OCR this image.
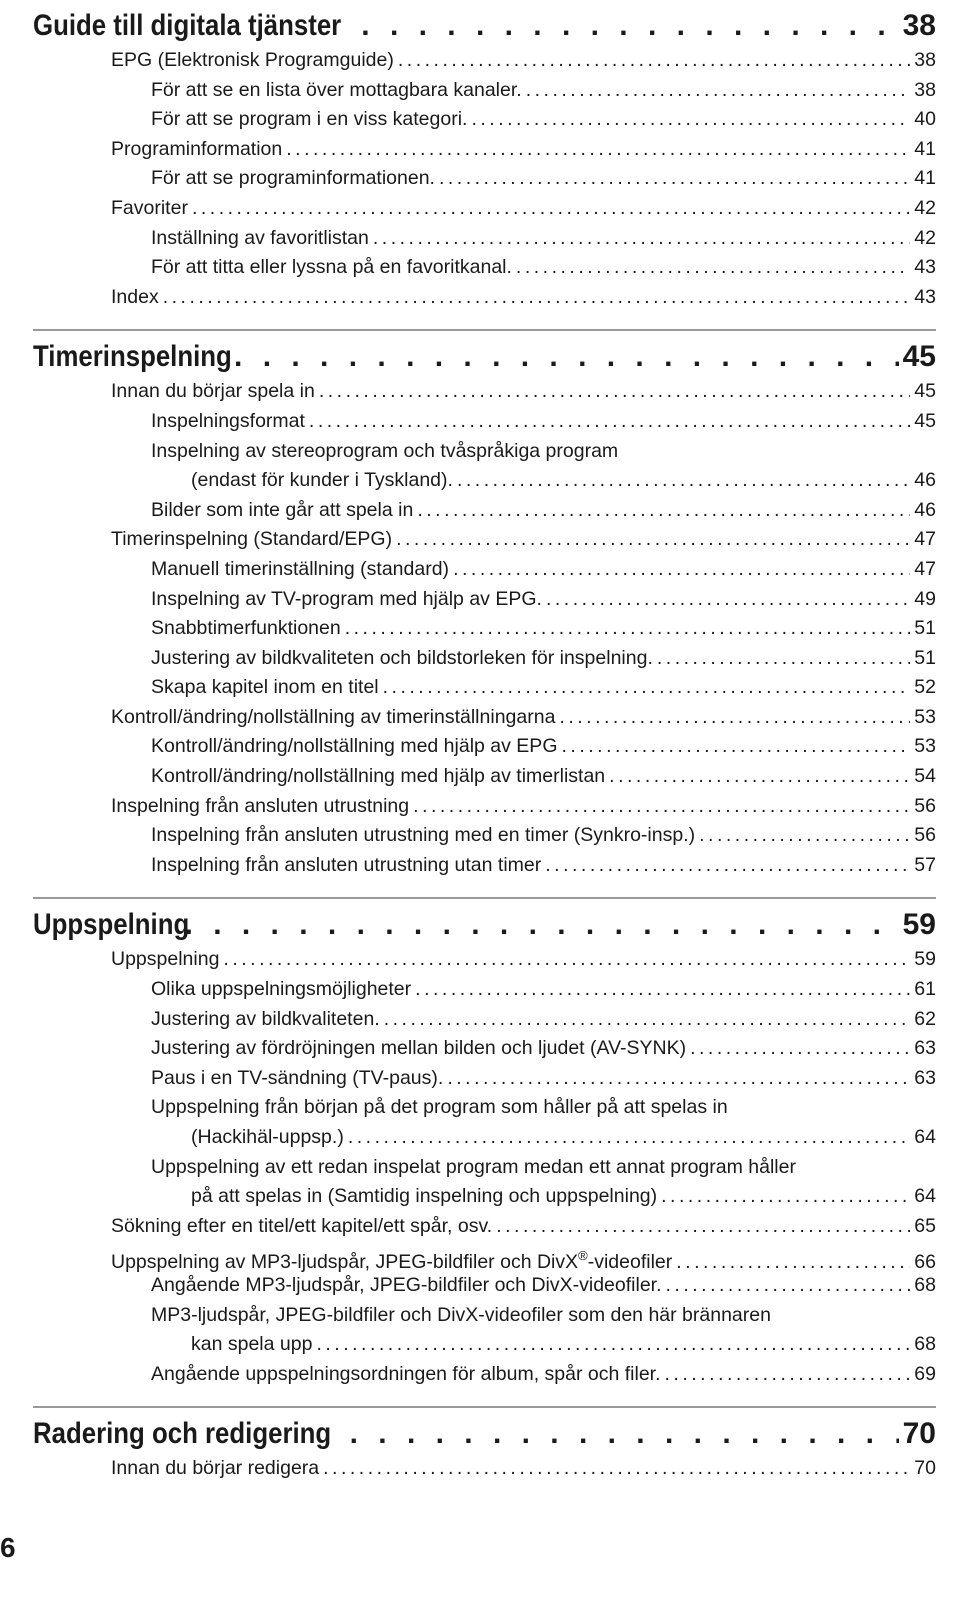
Guide till digitala tjänster . . .	38
EPG (Elektronisk Programguide) .....	38
För att se en lista över mottagbara kanaler. .....	38
För att se program i en viss kategori. .....	40
Programinformation .....	41
För att se programinformationen. .....	41
Favoriter .....	42
Inställning av favoritlistan .....	42
För att titta eller lyssna på en favoritkanal. .....	43
Index .....	43
Timerinspelning . . .	45
Innan du börjar spela in .....	45
Inspelningsformat .....	45
Inspelning av stereoprogram och tvåspråkiga program
(endast för kunder i Tyskland). .....	46
Bilder som inte går att spela in .....	46
Timerinspelning (Standard/EPG) .....	47
Manuell timerinställning (standard) .....	47
Inspelning av TV-program med hjälp av EPG. .....	49
Snabbtimerfunktionen .....	51
Justering av bildkvaliteten och bildstorleken för inspelning. .....	51
Skapa kapitel inom en titel .....	52
Kontroll/ändring/nollställning av timerinställningarna .....	53
Kontroll/ändring/nollställning med hjälp av EPG .....	53
Kontroll/ändring/nollställning med hjälp av timerlistan .....	54
Inspelning från ansluten utrustning .....	56
Inspelning från ansluten utrustning med en timer (Synkro-insp.) .....	56
Inspelning från ansluten utrustning utan timer .....	57
Uppspelning . . .	59
Uppspelning .....	59
Olika uppspelningsmöjligheter .....	61
Justering av bildkvaliteten. .....	62
Justering av fördröjningen mellan bilden och ljudet (AV-SYNK) .....	63
Paus i en TV-sändning (TV-paus). .....	63
Uppspelning från början på det program som håller på att spelas in
(Hackihäl-uppsp.) .....	64
Uppspelning av ett redan inspelat program medan ett annat program håller
på att spelas in (Samtidig inspelning och uppspelning) .....	64
Sökning efter en titel/ett kapitel/ett spår, osv. .....	65
Uppspelning av MP3-ljudspår, JPEG-bildfiler och DivX®-videofiler .....	66
Angående MP3-ljudspår, JPEG-bildfiler och DivX-videofiler. .....	68
MP3-ljudspår, JPEG-bildfiler och DivX-videofiler som den här brännaren
kan spela upp .....	68
Angående uppspelningsordningen för album, spår och filer. .....	69
Radering och redigering . . .	70
Innan du börjar redigera .....	70
6
